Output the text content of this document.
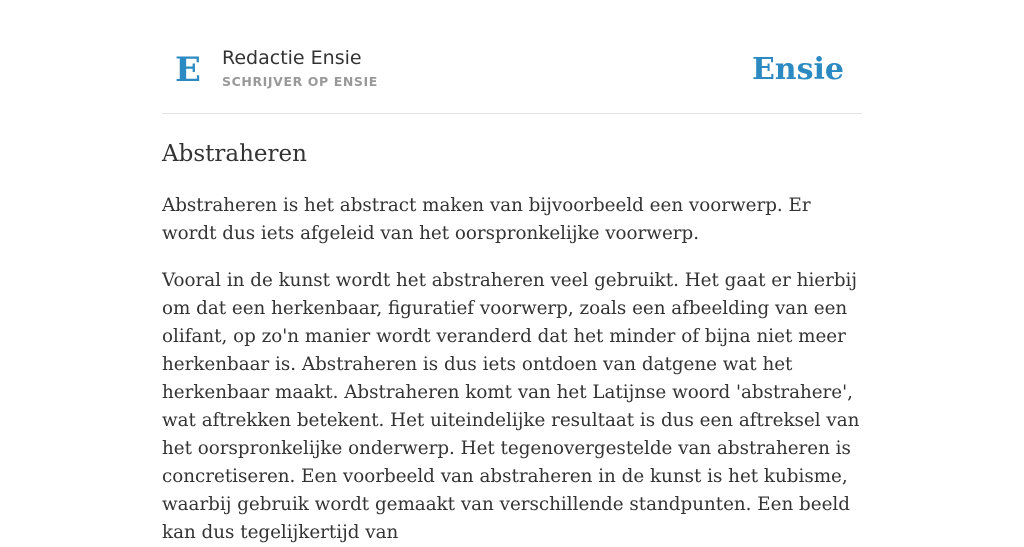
E Redactie Ensie
SCHRIJVER OP ENSIE	Ensie
Abstraheren

Abstraheren is het abstract maken van bijvoorbeeld een voorwerp. Er wordt dus iets afgeleid van het oorspronkelijke voorwerp.

Vooral in de kunst wordt het abstraheren veel gebruikt. Het gaat er hierbij om dat een herkenbaar, figuratief voorwerp, zoals een afbeelding van een olifant, op zo'n manier wordt veranderd dat het minder of bijna niet meer herkenbaar is. Abstraheren is dus iets ontdoen van datgene wat het herkenbaar maakt. Abstraheren komt van het Latijnse woord 'abstrahere', wat aftrekken betekent. Het uiteindelijke resultaat is dus een aftreksel van het oorspronkelijke onderwerp. Het tegenovergestelde van abstraheren is concretiseren. Een voorbeeld van abstraheren in de kunst is het kubisme, waarbij gebruik wordt gemaakt van verschillende standpunten. Een beeld kan dus tegelijkertijd van
